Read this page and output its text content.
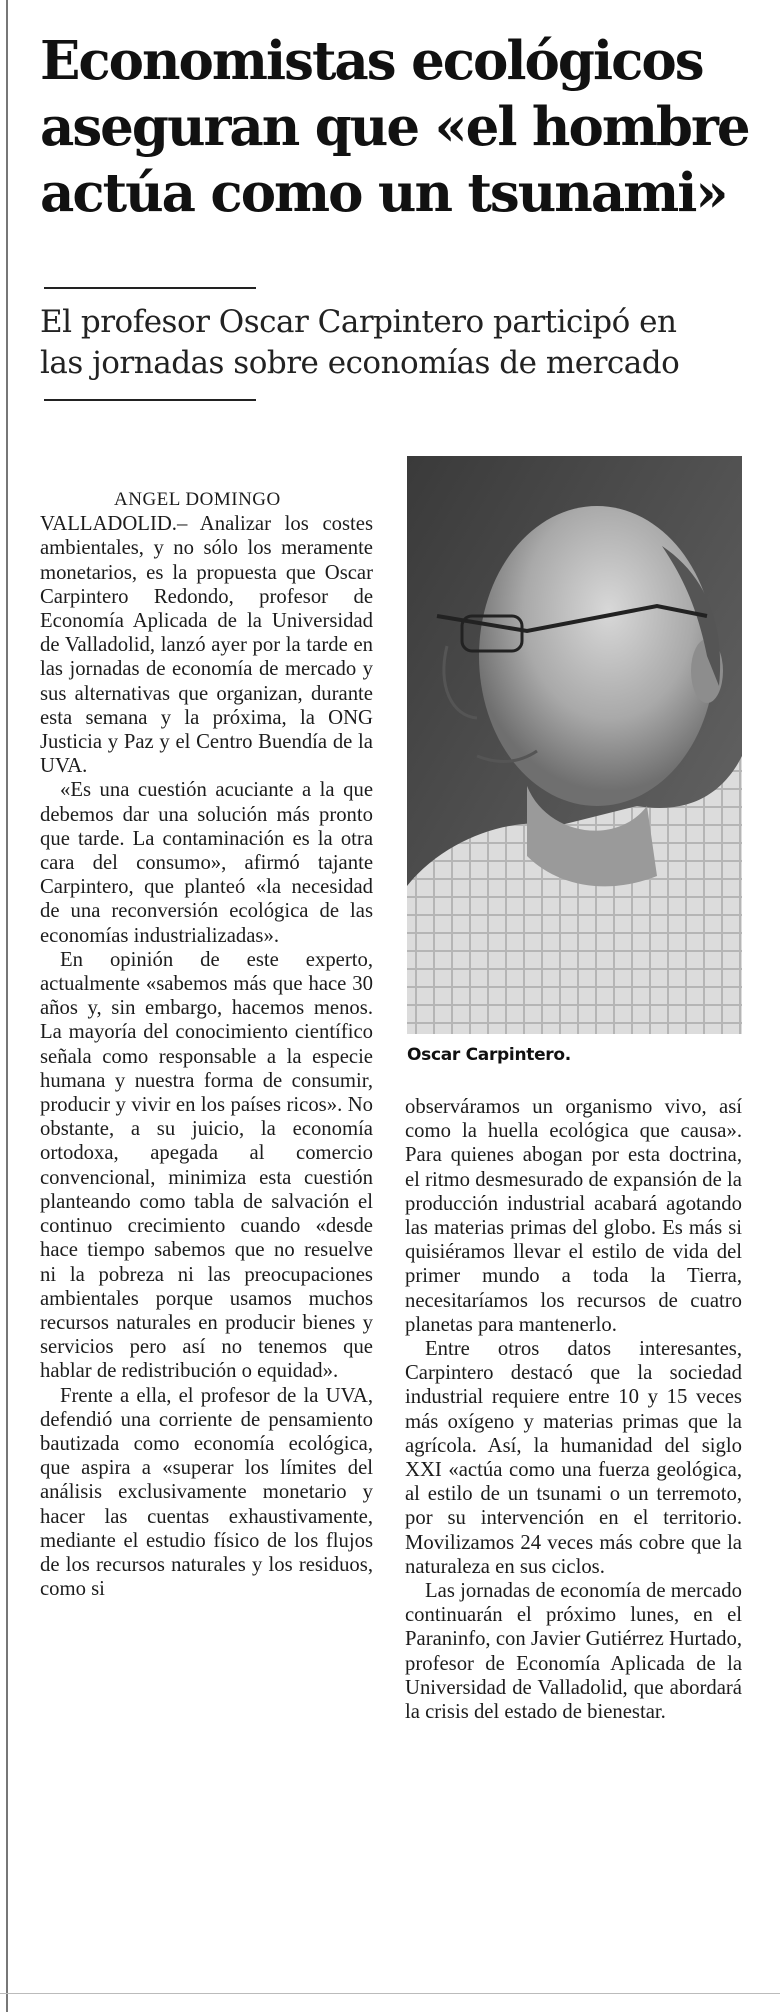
Economistas ecológicos
aseguran que «el hombre
actúa como un tsunami»
El profesor Oscar Carpintero participó en
las jornadas sobre economías de mercado
ANGEL DOMINGO

VALLADOLID.– Analizar los costes ambientales, y no sólo los meramente monetarios, es la propuesta que Oscar Carpintero Redondo, profesor de Economía Aplicada de la Universidad de Valladolid, lanzó ayer por la tarde en las jornadas de economía de mercado y sus alternativas que organizan, durante esta semana y la próxima, la ONG Justicia y Paz y el Centro Buendía de la UVA.

«Es una cuestión acuciante a la que debemos dar una solución más pronto que tarde. La contaminación es la otra cara del consumo», afirmó tajante Carpintero, que planteó «la necesidad de una reconversión ecológica de las economías industrializadas».

En opinión de este experto, actualmente «sabemos más que hace 30 años y, sin embargo, hacemos menos. La mayoría del conocimiento científico señala como responsable a la especie humana y nuestra forma de consumir, producir y vivir en los países ricos». No obstante, a su juicio, la economía ortodoxa, apegada al comercio convencional, minimiza esta cuestión planteando como tabla de salvación el continuo crecimiento cuando «desde hace tiempo sabemos que no resuelve ni la pobreza ni las preocupaciones ambientales porque usamos muchos recursos naturales en producir bienes y servicios pero así no tenemos que hablar de redistribución o equidad».

Frente a ella, el profesor de la UVA, defendió una corriente de pensamiento bautizada como economía ecológica, que aspira a «superar los límites del análisis exclusivamente monetario y hacer las cuentas exhaustivamente, mediante el estudio físico de los flujos de los recursos naturales y los residuos, como si

Oscar Carpintero.

observáramos un organismo vivo, así como la huella ecológica que causa». Para quienes abogan por esta doctrina, el ritmo desmesurado de expansión de la producción industrial acabará agotando las materias primas del globo. Es más si quisiéramos llevar el estilo de vida del primer mundo a toda la Tierra, necesitaríamos los recursos de cuatro planetas para mantenerlo.

Entre otros datos interesantes, Carpintero destacó que la sociedad industrial requiere entre 10 y 15 veces más oxígeno y materias primas que la agrícola. Así, la humanidad del siglo XXI «actúa como una fuerza geológica, al estilo de un tsunami o un terremoto, por su intervención en el territorio. Movilizamos 24 veces más cobre que la naturaleza en sus ciclos.

Las jornadas de economía de mercado continuarán el próximo lunes, en el Paraninfo, con Javier Gutiérrez Hurtado, profesor de Economía Aplicada de la Universidad de Valladolid, que abordará la crisis del estado de bienestar.
